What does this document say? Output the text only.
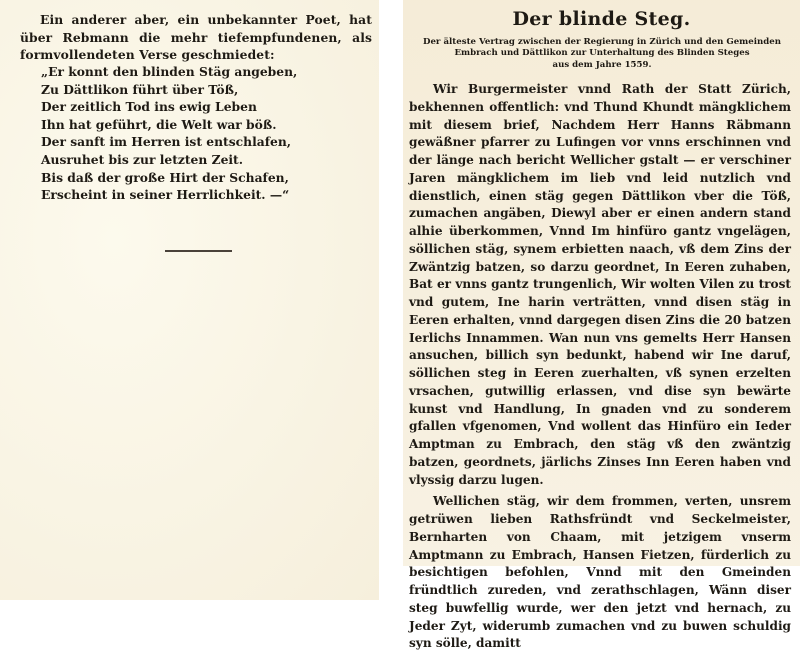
Ein anderer aber, ein unbekannter Poet, hat über Rebmann die mehr tiefempfundenen, als formvollendeten Verse geschmiedet:

„Er konnt den blinden Stäg angeben,
Zu Dättlikon führt über Töß,
Der zeitlich Tod ins ewig Leben
Ihn hat geführt, die Welt war böß.
Der sanft im Herren ist entschlafen,
Ausruhet bis zur letzten Zeit.
Bis daß der große Hirt der Schafen,
Erscheint in seiner Herrlichkeit. —“
Der blinde Steg.
Der älteste Vertrag zwischen der Regierung in Zürich und den Gemeinden
Embrach und Dättlikon zur Unterhaltung des Blinden Steges
aus dem Jahre 1559.

Wir Burgermeister vnnd Rath der Statt Zürich, bekhennen offentlich: vnd Thund Khundt mängklichem mit diesem brief, Nachdem Herr Hanns Räbmann gewäßner pfarrer zu Lufingen vor vnns erschinnen vnd der länge nach bericht Wellicher gstalt — er verschiner Jaren mängklichem im lieb vnd leid nutzlich vnd dienstlich, einen stäg gegen Dättlikon vber die Töß, zumachen angäben, Diewyl aber er einen andern stand alhie überkommen, Vnnd Im hinfüro gantz vngelägen, söllichen stäg, synem erbietten naach, vß dem Zins der Zwäntzig batzen, so darzu geordnet, In Eeren zuhaben, Bat er vnns gantz trungenlich, Wir wolten Vilen zu trost vnd gutem, Ine harin verträtten, vnnd disen stäg in Eeren erhalten, vnnd dargegen disen Zins die 20 batzen Ierlichs Innammen. Wan nun vns gemelts Herr Hansen ansuchen, billich syn bedunkt, habend wir Ine daruf, söllichen steg in Eeren zuerhalten, vß synen erzelten vrsachen, gutwillig erlassen, vnd dise syn bewärte kunst vnd Handlung, In gnaden vnd zu sonderem gfallen vfgenomen, Vnd wollent das Hinfüro ein Ieder Amptman zu Embrach, den stäg vß den zwäntzig batzen, geordnets, järlichs Zinses Inn Eeren haben vnd vlyssig darzu lugen.

Wellichen stäg, wir dem frommen, verten, unsrem getrüwen lieben Rathsfründt vnd Seckelmeister, Bernharten von Chaam, mit jetzigem vnserm Amptmann zu Embrach, Hansen Fietzen, fürderlich zu besichtigen befohlen, Vnnd mit den Gmeinden fründtlich zureden, vnd zerathschlagen, Wänn diser steg buwfellig wurde, wer den jetzt vnd hernach, zu Jeder Zyt, widerumb zumachen vnd zu buwen schuldig syn sölle, damitt
